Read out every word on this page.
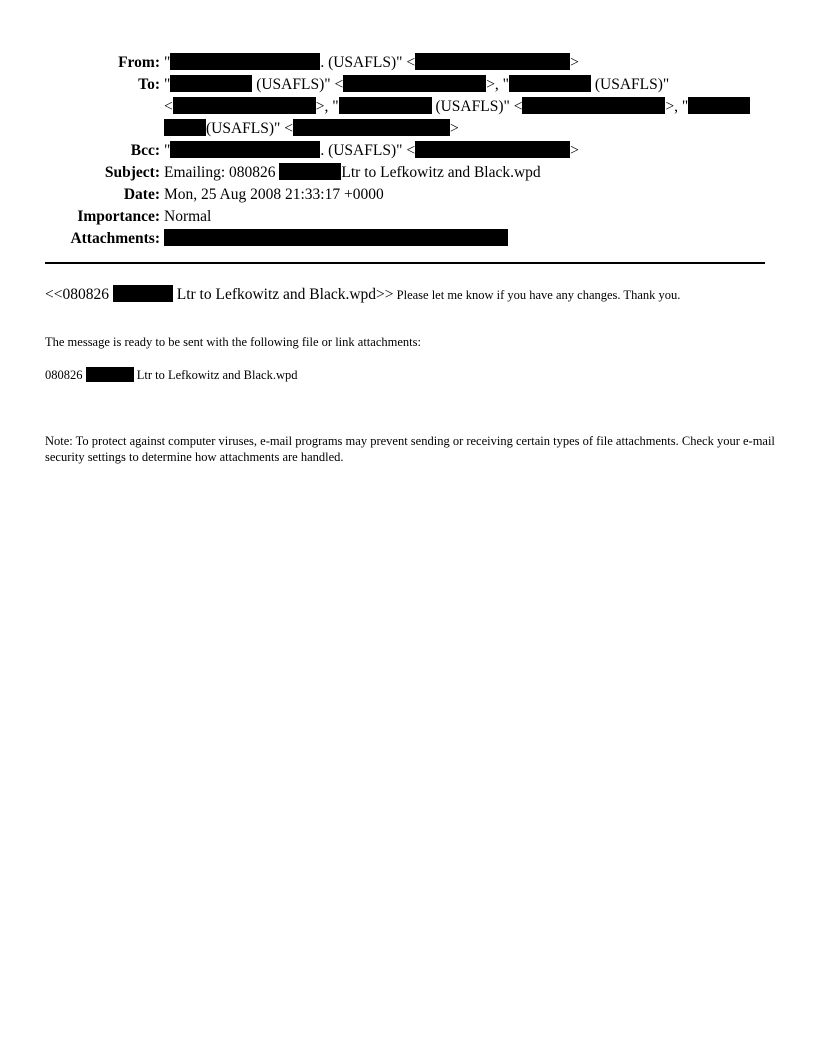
From: "	. (USAFLS)" <	>
To: "	(USAFLS)" <	>, "	(USAFLS)"
<	>, "	(USAFLS)" <	>, "
(USAFLS)" <	>
Bcc: "	. (USAFLS)" <	>
Subject: Emailing: 080826	Ltr to Lefkowitz and Black.wpd
Date: Mon, 25 Aug 2008 21:33:17 +0000
Importance: Normal
Attachments:
<<080826	Ltr to Lefkowitz and Black.wpd>> Please let me know if you have any changes. Thank you.
The message is ready to be sent with the following file or link attachments:
080826	Ltr to Lefkowitz and Black.wpd
Note: To protect against computer viruses, e-mail programs may prevent sending or receiving certain types of file attachments. Check your e-mail security settings to determine how attachments are handled.
